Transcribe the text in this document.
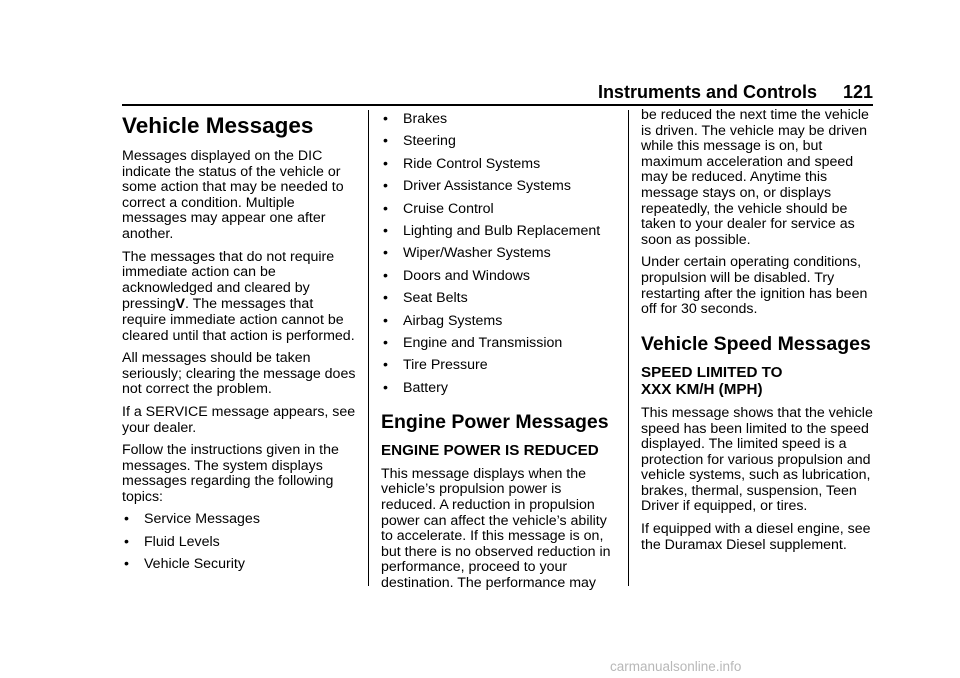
Instruments and Controls 121
Vehicle Messages

Messages displayed on the DIC indicate the status of the vehicle or some action that may be needed to correct a condition. Multiple messages may appear one after another.

The messages that do not require immediate action can be acknowledged and cleared by pressingV. The messages that require immediate action cannot be cleared until that action is performed.

All messages should be taken seriously; clearing the message does not correct the problem.

If a SERVICE message appears, see your dealer.

Follow the instructions given in the messages. The system displays messages regarding the following topics:

• Service Messages
• Fluid Levels
• Vehicle Security
• Brakes
• Steering
• Ride Control Systems
• Driver Assistance Systems
• Cruise Control
• Lighting and Bulb Replacement
• Wiper/Washer Systems
• Doors and Windows
• Seat Belts
• Airbag Systems
• Engine and Transmission
• Tire Pressure
• Battery
Engine Power Messages
ENGINE POWER IS REDUCED

This message displays when the vehicle’s propulsion power is reduced. A reduction in propulsion power can affect the vehicle’s ability to accelerate. If this message is on, but there is no observed reduction in performance, proceed to your destination. The performance may

be reduced the next time the vehicle is driven. The vehicle may be driven while this message is on, but maximum acceleration and speed may be reduced. Anytime this message stays on, or displays repeatedly, the vehicle should be taken to your dealer for service as soon as possible.

Under certain operating conditions, propulsion will be disabled. Try restarting after the ignition has been off for 30 seconds.

Vehicle Speed Messages
SPEED LIMITED TO
XXX KM/H (MPH)

This message shows that the vehicle speed has been limited to the speed displayed. The limited speed is a protection for various propulsion and vehicle systems, such as lubrication, brakes, thermal, suspension, Teen Driver if equipped, or tires.

If equipped with a diesel engine, see the Duramax Diesel supplement.

carmanualsonline.info
